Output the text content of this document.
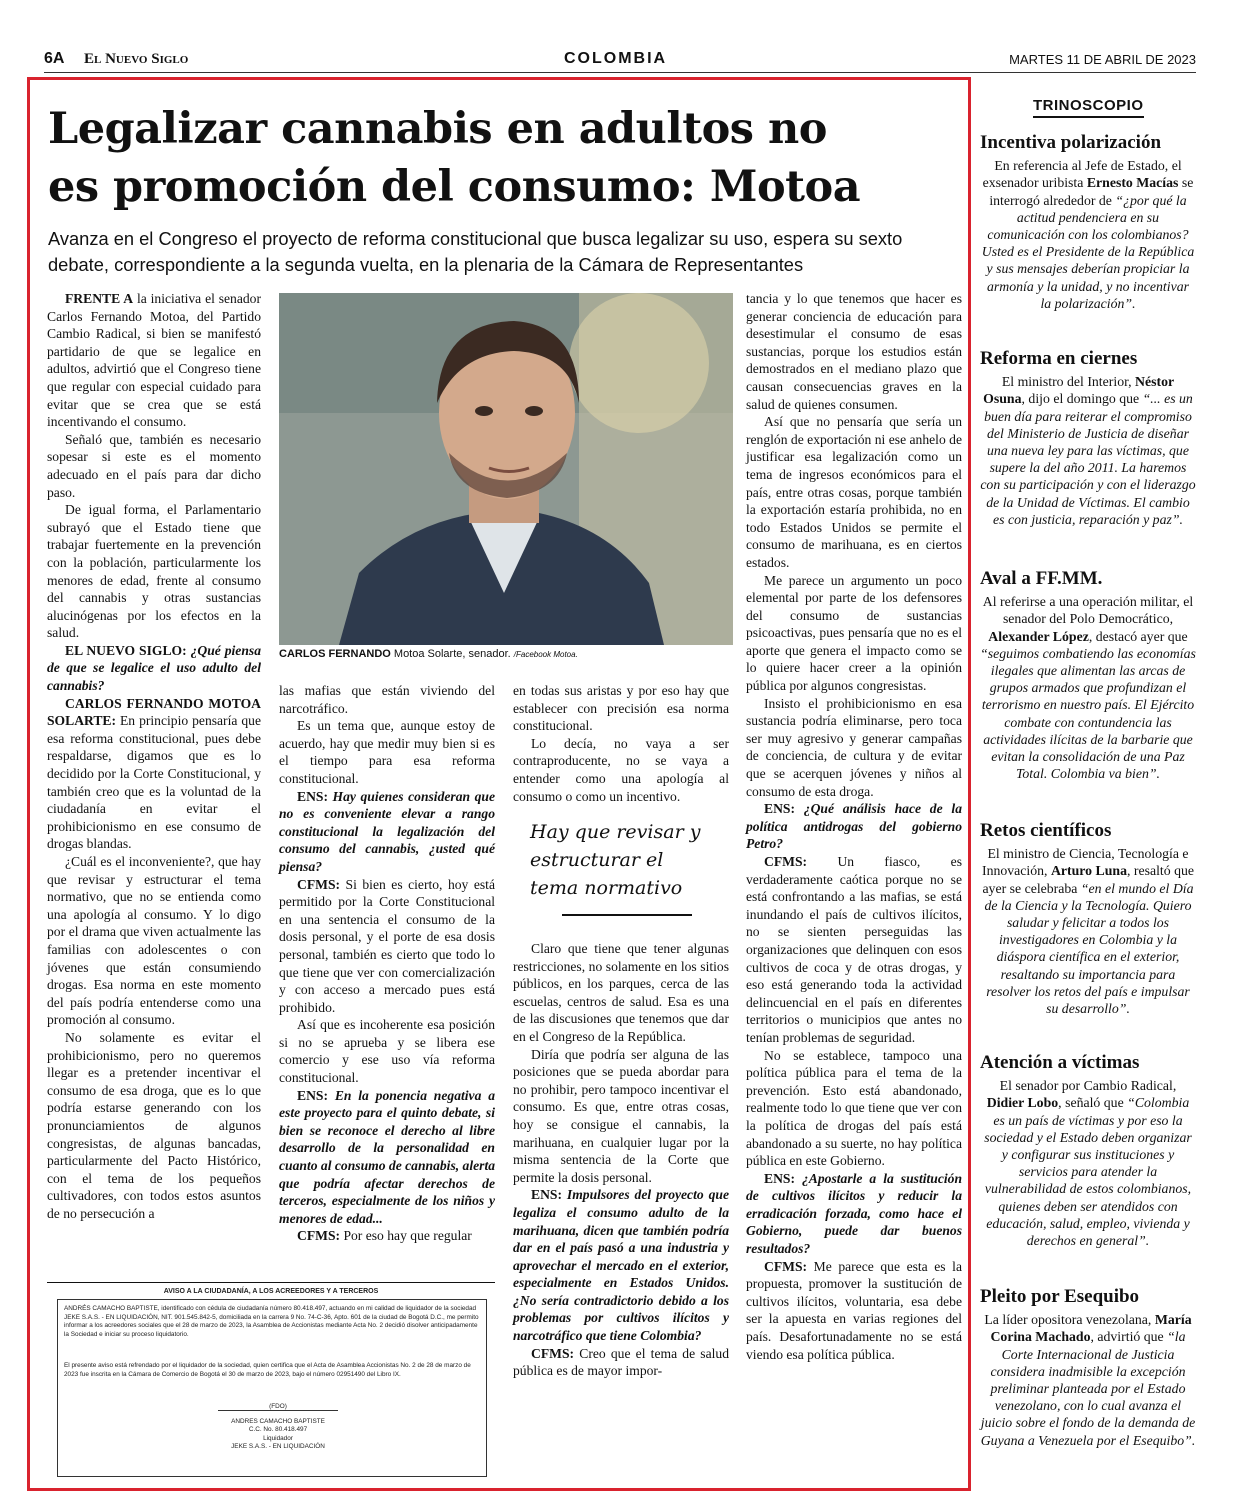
6A El Nuevo Siglo	COLOMBIA	MARTES 11 DE ABRIL DE 2023
Legalizar cannabis en adultos no
es promoción del consumo: Motoa
Avanza en el Congreso el proyecto de reforma constitucional que busca legalizar su uso, espera su sexto debate, correspondiente a la segunda vuelta, en la plenaria de la Cámara de Representantes

FRENTE A la iniciativa el senador Carlos Fernando Motoa, del Partido Cambio Radical, si bien se manifestó partidario de que se legalice en adultos, advirtió que el Congreso tiene que regular con especial cuidado para evitar que se crea que se está incentivando el consumo.

Señaló que, también es necesario sopesar si este es el momento adecuado en el país para dar dicho paso.

De igual forma, el Parlamentario subrayó que el Estado tiene que trabajar fuertemente en la prevención con la población, particularmente los menores de edad, frente al consumo del cannabis y otras sustancias alucinógenas por los efectos en la salud.

EL NUEVO SIGLO: ¿Qué piensa de que se legalice el uso adulto del cannabis?

CARLOS FERNANDO MOTOA SOLARTE: En principio pensaría que esa reforma constitucional, pues debe respaldarse, digamos que es lo decidido por la Corte Constitucional, y también creo que es la voluntad de la ciudadanía en evitar el prohibicionismo en ese consumo de drogas blandas.

¿Cuál es el inconveniente?, que hay que revisar y estructurar el tema normativo, que no se entienda como una apología al consumo. Y lo digo por el drama que viven actualmente las familias con adolescentes o con jóvenes que están consumiendo drogas. Esa norma en este momento del país podría entenderse como una promoción al consumo.

No solamente es evitar el prohibicionismo, pero no queremos llegar es a pretender incentivar el consumo de esa droga, que es lo que podría estarse generando con los pronunciamientos de algunos congresistas, de algunas bancadas, particularmente del Pacto Histórico, con el tema de los pequeños cultivadores, con todos estos asuntos de no persecución a

CARLOS FERNANDO Motoa Solarte, senador. /Facebook Motoa.

las mafias que están viviendo del narcotráfico.

Es un tema que, aunque estoy de acuerdo, hay que medir muy bien si es el tiempo para esa reforma constitucional.

ENS: Hay quienes consideran que no es conveniente elevar a rango constitucional la legalización del consumo del cannabis, ¿usted qué piensa?

CFMS: Si bien es cierto, hoy está permitido por la Corte Constitucional en una sentencia el consumo de la dosis personal, y el porte de esa dosis personal, también es cierto que todo lo que tiene que ver con comercialización y con acceso a mercado pues está prohibido.

Así que es incoherente esa posición si no se aprueba y se libera ese comercio y ese uso vía reforma constitucional.

ENS: En la ponencia negativa a este proyecto para el quinto debate, si bien se reconoce el derecho al libre desarrollo de la personalidad en cuanto al consumo de cannabis, alerta que podría afectar derechos de terceros, especialmente de los niños y menores de edad...

CFMS: Por eso hay que regular

en todas sus aristas y por eso hay que establecer con precisión esa norma constitucional.

Lo decía, no vaya a ser contraproducente, no se vaya a entender como una apología al consumo o como un incentivo.

Hay que revisar y estructurar el tema normativo

Claro que tiene que tener algunas restricciones, no solamente en los sitios públicos, en los parques, cerca de las escuelas, centros de salud. Esa es una de las discusiones que tenemos que dar en el Congreso de la República.

Diría que podría ser alguna de las posiciones que se pueda abordar para no prohibir, pero tampoco incentivar el consumo. Es que, entre otras cosas, hoy se consigue el cannabis, la marihuana, en cualquier lugar por la misma sentencia de la Corte que permite la dosis personal.

ENS: Impulsores del proyecto que legaliza el consumo adulto de la marihuana, dicen que también podría dar en el país pasó a una industria y aprovechar el mercado en el exterior, especialmente en Estados Unidos. ¿No sería contradictorio debido a los problemas por cultivos ilícitos y narcotráfico que tiene Colombia?

CFMS: Creo que el tema de salud pública es de mayor impor-

tancia y lo que tenemos que hacer es generar conciencia de educación para desestimular el consumo de esas sustancias, porque los estudios están demostrados en el mediano plazo que causan consecuencias graves en la salud de quienes consumen.

Así que no pensaría que sería un renglón de exportación ni ese anhelo de justificar esa legalización como un tema de ingresos económicos para el país, entre otras cosas, porque también la exportación estaría prohibida, no en todo Estados Unidos se permite el consumo de marihuana, es en ciertos estados.

Me parece un argumento un poco elemental por parte de los defensores del consumo de sustancias psicoactivas, pues pensaría que no es el aporte que genera el impacto como se lo quiere hacer creer a la opinión pública por algunos congresistas.

Insisto el prohibicionismo en esa sustancia podría eliminarse, pero toca ser muy agresivo y generar campañas de conciencia, de cultura y de evitar que se acerquen jóvenes y niños al consumo de esta droga.

ENS: ¿Qué análisis hace de la política antidrogas del gobierno Petro?

CFMS: Un fiasco, es verdaderamente caótica porque no se está confrontando a las mafias, se está inundando el país de cultivos ilícitos, no se sienten perseguidas las organizaciones que delinquen con esos cultivos de coca y de otras drogas, y eso está generando toda la actividad delincuencial en el país en diferentes territorios o municipios que antes no tenían problemas de seguridad.

No se establece, tampoco una política pública para el tema de la prevención. Esto está abandonado, realmente todo lo que tiene que ver con la política de drogas del país está abandonado a su suerte, no hay política pública en este Gobierno.

ENS: ¿Apostarle a la sustitución de cultivos ilícitos y reducir la erradicación forzada, como hace el Gobierno, puede dar buenos resultados?

CFMS: Me parece que esta es la propuesta, promover la sustitución de cultivos ilícitos, voluntaria, esa debe ser la apuesta en varias regiones del país. Desafortunadamente no se está viendo esa política pública.

AVISO A LA CIUDADANÍA, A LOS ACREEDORES Y A TERCEROS
ANDRÉS CAMACHO BAPTISTE, identificado con cédula de ciudadanía número 80.418.497, actuando en mi calidad de liquidador de la sociedad JEKE S.A.S. - EN LIQUIDACIÓN, NIT. 901.545.842-5, domiciliada en la carrera 9 No. 74-C-36, Apto. 601 de la ciudad de Bogotá D.C., me permito informar a los acreedores sociales que el 28 de marzo de 2023, la Asamblea de Accionistas mediante Acta No. 2 decidió disolver anticipadamente la Sociedad e iniciar su proceso liquidatorio.
El presente aviso está refrendado por el liquidador de la sociedad, quien certifica que el Acta de Asamblea Accionistas No. 2 de 28 de marzo de 2023 fue inscrita en la Cámara de Comercio de Bogotá el 30 de marzo de 2023, bajo el número 02951490 del Libro IX.
(FDO)
ANDRES CAMACHO BAPTISTE
C.C. No. 80.418.497
Liquidador
JEKE S.A.S. - EN LIQUIDACIÓN
TRINOSCOPIO
Incentiva polarización

En referencia al Jefe de Estado, el exsenador uribista Ernesto Macías se interrogó alrededor de “¿por qué la actitud pendenciera en su comunicación con los colombianos? Usted es el Presidente de la República y sus mensajes deberían propiciar la armonía y la unidad, y no incentivar la polarización”.

Reforma en ciernes

El ministro del Interior, Néstor Osuna, dijo el domingo que “... es un buen día para reiterar el compromiso del Ministerio de Justicia de diseñar una nueva ley para las víctimas, que supere la del año 2011. La haremos con su participación y con el liderazgo de la Unidad de Víctimas. El cambio es con justicia, reparación y paz”.

Aval a FF.MM.

Al referirse a una operación militar, el senador del Polo Democrático, Alexander López, destacó ayer que “seguimos combatiendo las economías ilegales que alimentan las arcas de grupos armados que profundizan el terrorismo en nuestro país. El Ejército combate con contundencia las actividades ilícitas de la barbarie que evitan la consolidación de una Paz Total. Colombia va bien”.

Retos científicos

El ministro de Ciencia, Tecnología e Innovación, Arturo Luna, resaltó que ayer se celebraba “en el mundo el Día de la Ciencia y la Tecnología. Quiero saludar y felicitar a todos los investigadores en Colombia y la diáspora científica en el exterior, resaltando su importancia para resolver los retos del país e impulsar su desarrollo”.

Atención a víctimas

El senador por Cambio Radical, Didier Lobo, señaló que “Colombia es un país de víctimas y por eso la sociedad y el Estado deben organizar y configurar sus instituciones y servicios para atender la vulnerabilidad de estos colombianos, quienes deben ser atendidos con educación, salud, empleo, vivienda y derechos en general”.

Pleito por Esequibo

La líder opositora venezolana, María Corina Machado, advirtió que “la Corte Internacional de Justicia considera inadmisible la excepción preliminar planteada por el Estado venezolano, con lo cual avanza el juicio sobre el fondo de la demanda de Guyana a Venezuela por el Esequibo”.
